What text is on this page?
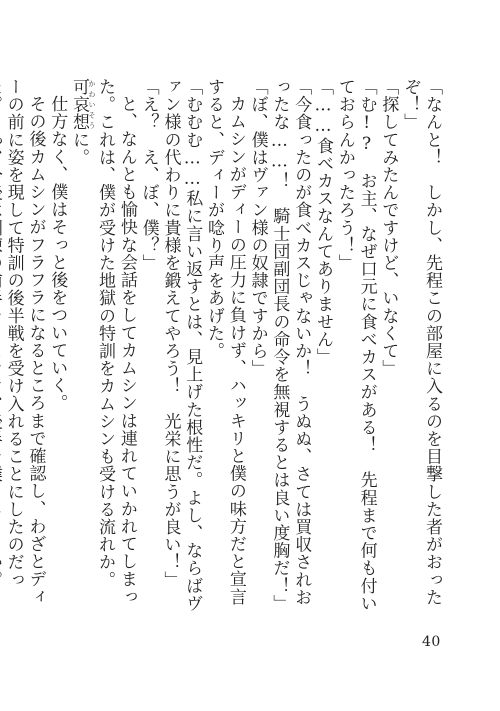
「なんと！　しかし、先程この部屋に入るのを目撃した者がおったぞ！」

「探してみたんですけど、いなくて」

「む!?　お主、なぜ口元に食べカスがある！　先程まで何も付いておらんかったろう！」

「……食べカスなんてありません」

「今食ったのが食べカスじゃないか！　うぬぬ、さては買収されおったな……！　騎士団副団長の命令を無視するとは良い度胸だ！」

「ぼ、僕はヴァン様の奴隷ですから」

カムシンがディーの圧力に負けず、ハッキリと僕の味方だと宣言すると、ディーが唸り声をあげた。

「むむむ……私に言い返すとは、見上げた根性だ。よし、ならばヴァン様の代わりに貴様を鍛えてやろう！　光栄に思うが良い！」

「え？　え、ぼ、僕？」

と、なんとも愉快な会話をしてカムシンは連れていかれてしまった。これは、僕が受けた地獄の特訓をカムシンも受ける流れか。可哀想 かわいそうに。

仕方なく、僕はそっと後をついていく。

その後カムシンがフラフラになるところまで確認し、わざとディーの前に姿を現して特訓の後半戦を受け入れることにしたのだっ

40
